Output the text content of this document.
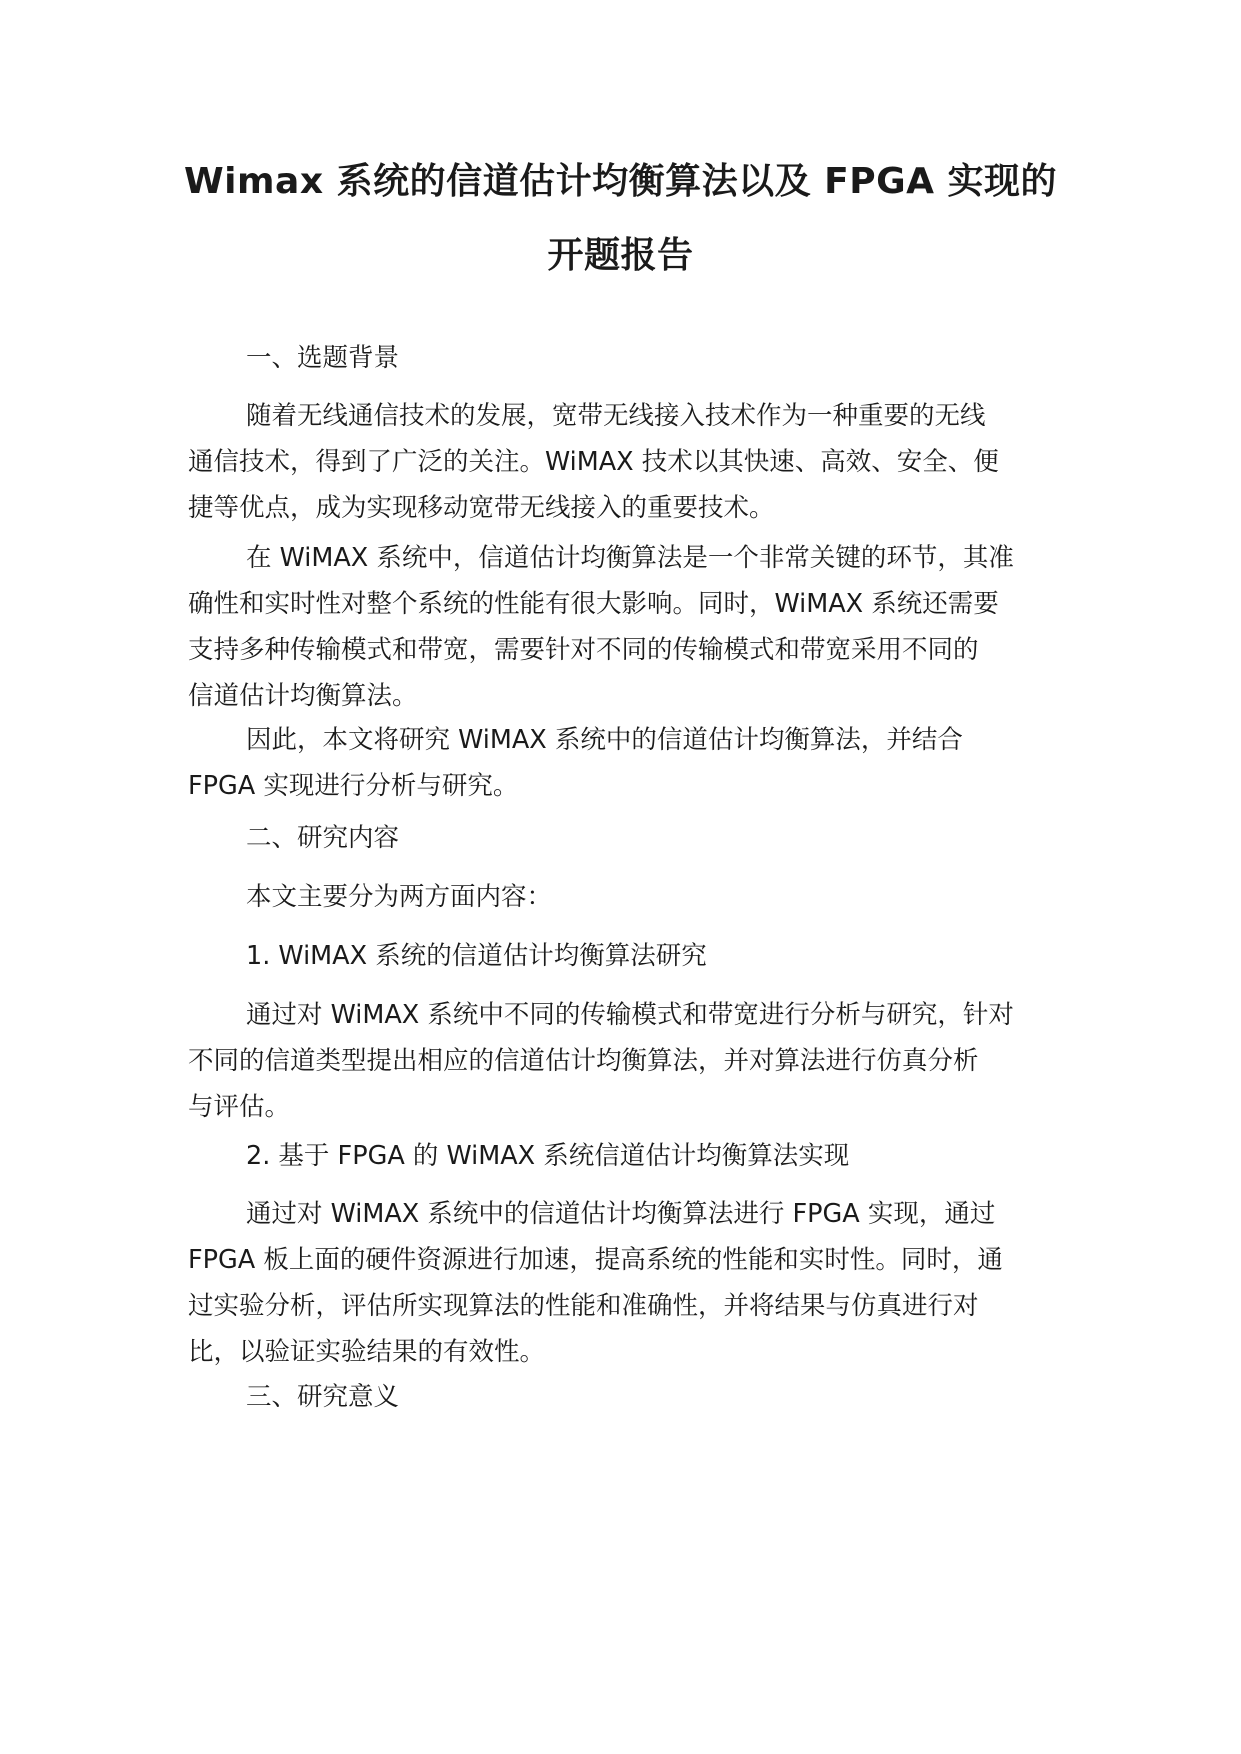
Wimax 系统的信道估计均衡算法以及 FPGA 实现的
开题报告

一、选题背景

随着无线通信技术的发展，宽带无线接入技术作为一种重要的无线
通信技术，得到了广泛的关注。WiMAX 技术以其快速、高效、安全、便
捷等优点，成为实现移动宽带无线接入的重要技术。
在 WiMAX 系统中，信道估计均衡算法是一个非常关键的环节，其准
确性和实时性对整个系统的性能有很大影响。同时，WiMAX 系统还需要
支持多种传输模式和带宽，需要针对不同的传输模式和带宽采用不同的
信道估计均衡算法。
因此，本文将研究 WiMAX 系统中的信道估计均衡算法，并结合
FPGA 实现进行分析与研究。

二、研究内容

本文主要分为两方面内容：

1. WiMAX 系统的信道估计均衡算法研究

通过对 WiMAX 系统中不同的传输模式和带宽进行分析与研究，针对
不同的信道类型提出相应的信道估计均衡算法，并对算法进行仿真分析
与评估。

2. 基于 FPGA 的 WiMAX 系统信道估计均衡算法实现

通过对 WiMAX 系统中的信道估计均衡算法进行 FPGA 实现，通过
FPGA 板上面的硬件资源进行加速，提高系统的性能和实时性。同时，通
过实验分析，评估所实现算法的性能和准确性，并将结果与仿真进行对
比，以验证实验结果的有效性。

三、研究意义
